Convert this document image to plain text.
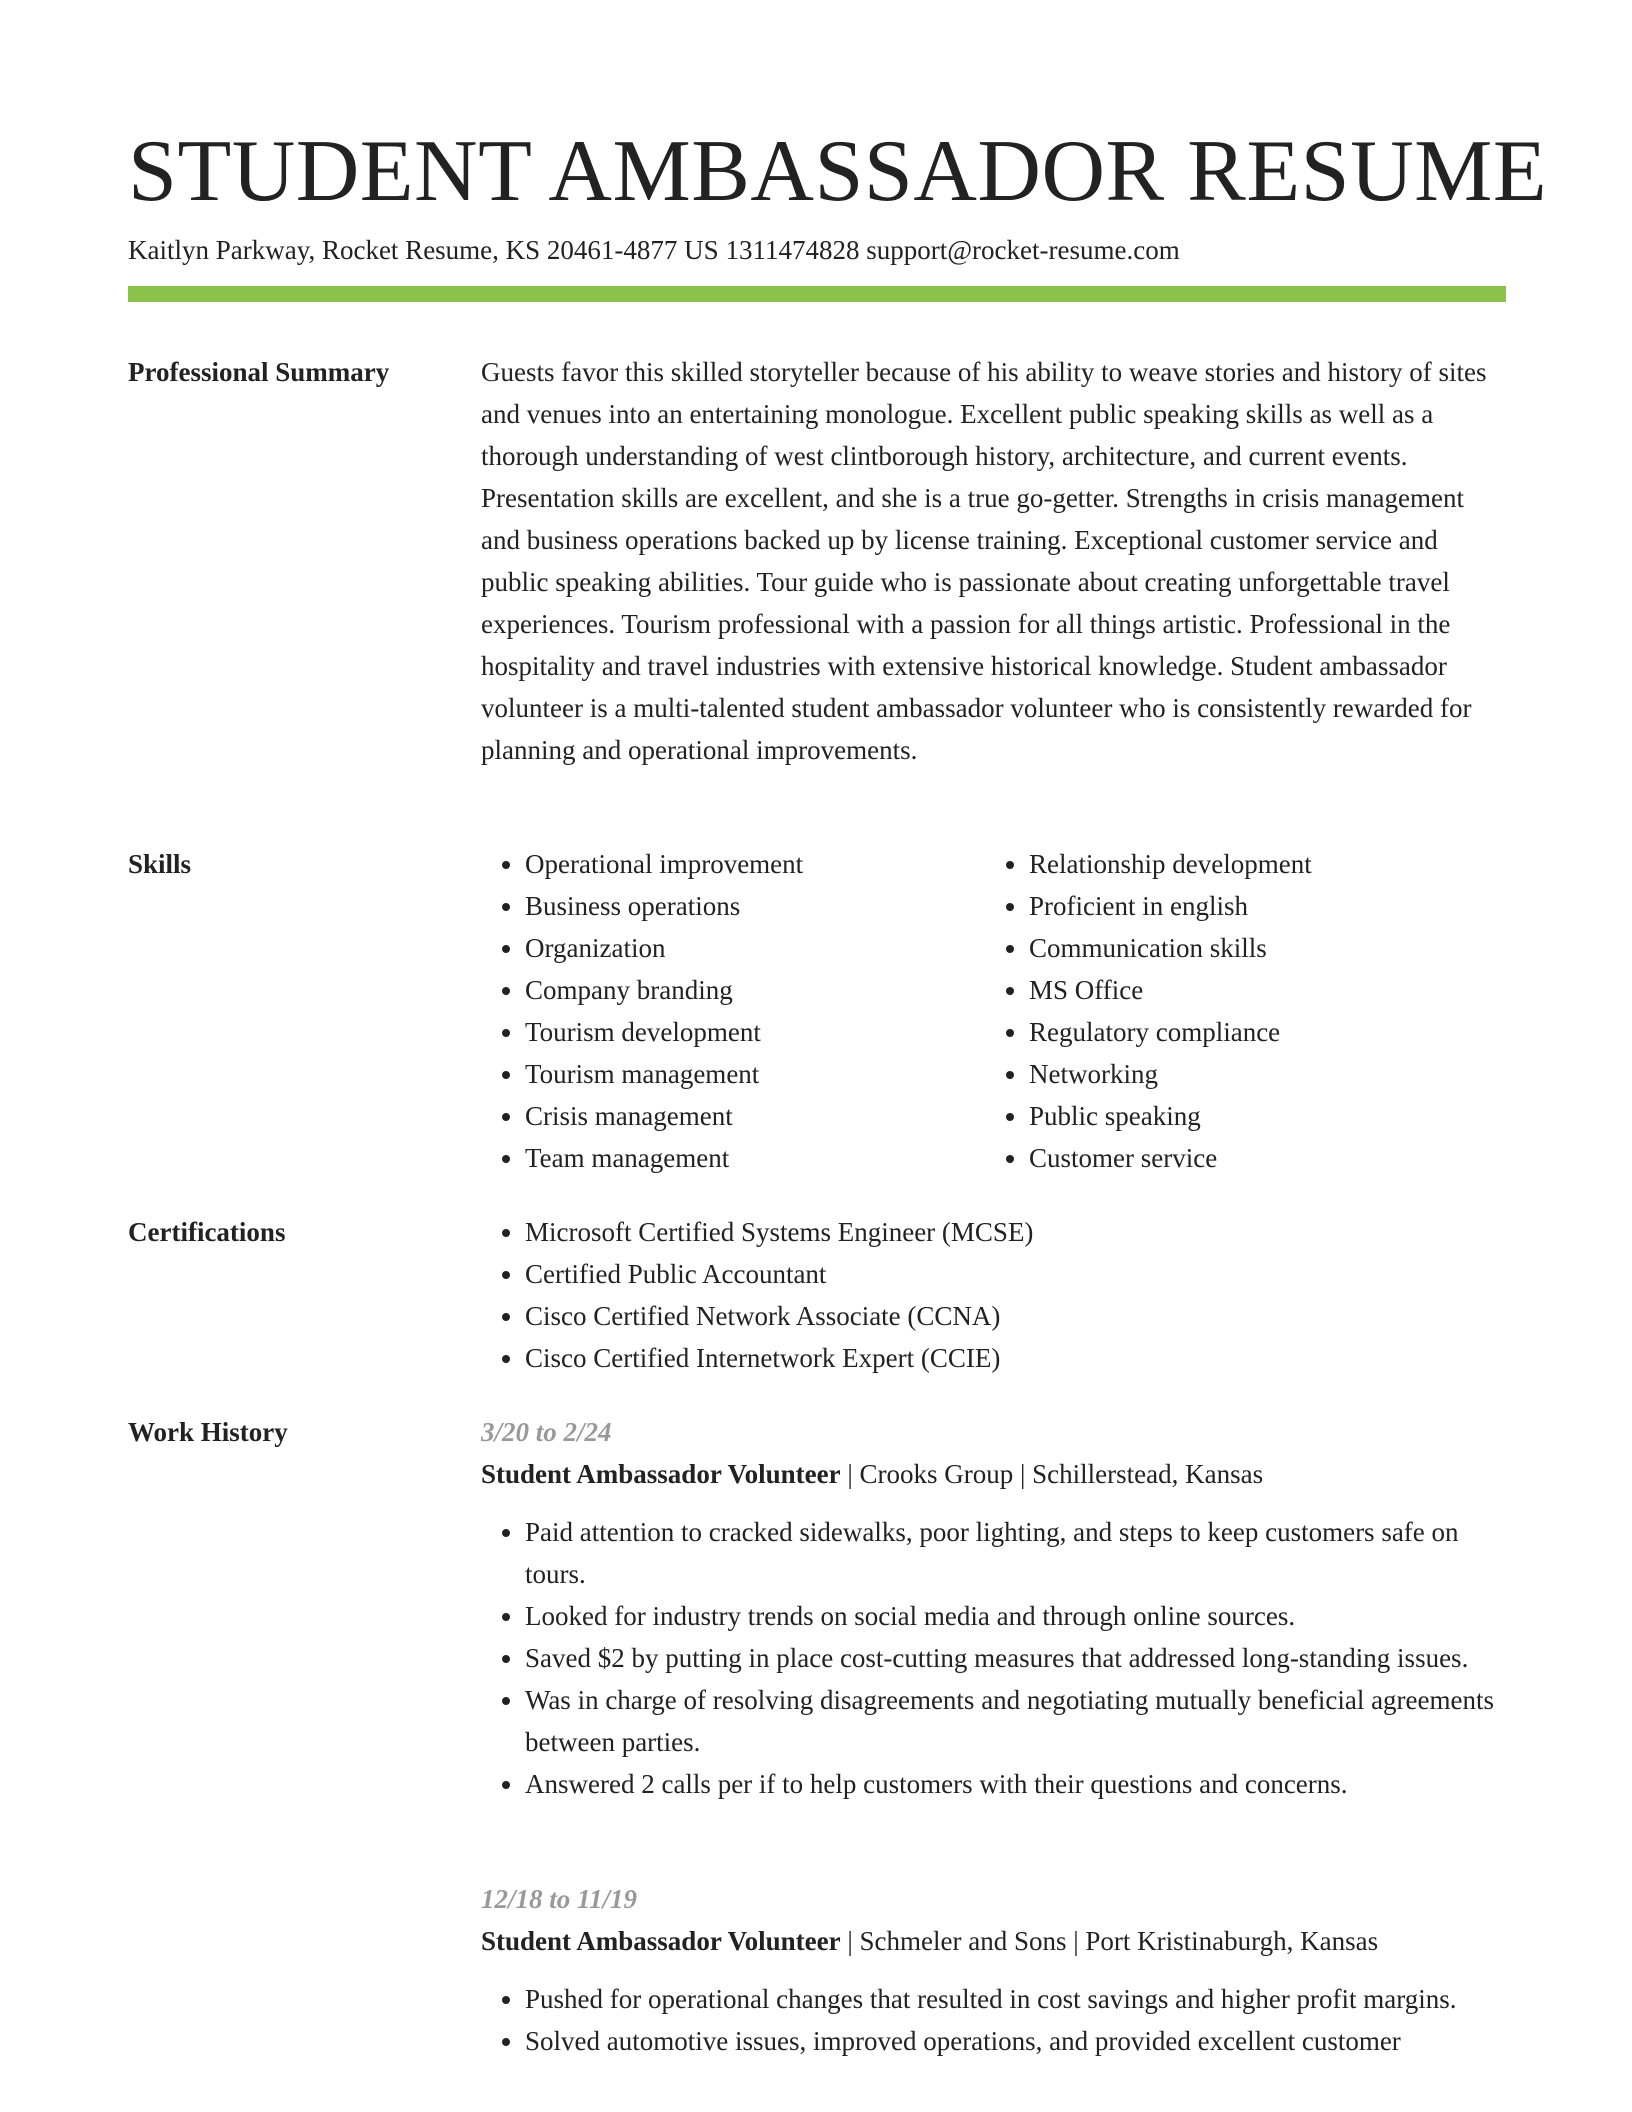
STUDENT AMBASSADOR RESUME
Kaitlyn Parkway, Rocket Resume, KS 20461-4877 US 1311474828 support@rocket-resume.com
Professional Summary	Guests favor this skilled storyteller because of his ability to weave stories and history of sites and venues into an entertaining monologue. Excellent public speaking skills as well as a thorough understanding of west clintborough history, architecture, and current events. Presentation skills are excellent, and she is a true go-getter. Strengths in crisis management and business operations backed up by license training. Exceptional customer service and public speaking abilities. Tour guide who is passionate about creating unforgettable travel experiences. Tourism professional with a passion for all things artistic. Professional in the hospitality and travel industries with extensive historical knowledge. Student ambassador volunteer is a multi-talented student ambassador volunteer who is consistently rewarded for planning and operational improvements.

Skills	• Operational improvement
• Business operations
• Organization
• Company branding
• Tourism development
• Tourism management
• Crisis management
• Team management
• Relationship development
• Proficient in english
• Communication skills
• MS Office
• Regulatory compliance
• Networking
• Public speaking
• Customer service
Certifications	• Microsoft Certified Systems Engineer (MCSE)
• Certified Public Accountant
• Cisco Certified Network Associate (CCNA)
• Cisco Certified Internetwork Expert (CCIE)
Work History	3/20 to 2/24
Student Ambassador Volunteer | Crooks Group | Schillerstead, Kansas
• Paid attention to cracked sidewalks, poor lighting, and steps to keep customers safe on tours.
• Looked for industry trends on social media and through online sources.
• Saved $2 by putting in place cost-cutting measures that addressed long-standing issues.
• Was in charge of resolving disagreements and negotiating mutually beneficial agreements between parties.
• Answered 2 calls per if to help customers with their questions and concerns.
12/18 to 11/19
Student Ambassador Volunteer | Schmeler and Sons | Port Kristinaburgh, Kansas
• Pushed for operational changes that resulted in cost savings and higher profit margins.
• Solved automotive issues, improved operations, and provided excellent customer
